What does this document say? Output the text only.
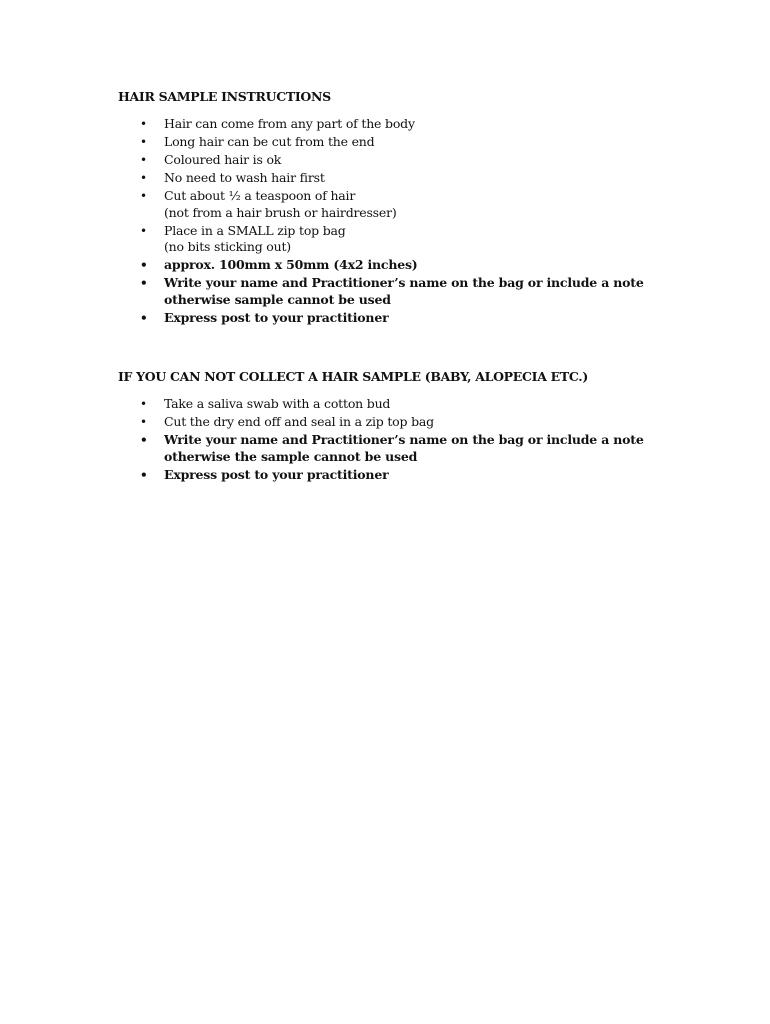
HAIR SAMPLE INSTRUCTIONS
• Hair can come from any part of the body
• Long hair can be cut from the end
• Coloured hair is ok
• No need to wash hair first
• Cut about ½ a teaspoon of hair
(not from a hair brush or hairdresser)
• Place in a SMALL zip top bag
(no bits sticking out)
• approx. 100mm x 50mm (4x2 inches)
• Write your name and Practitioner’s name on the bag or include a note
otherwise sample cannot be used
• Express post to your practitioner
IF YOU CAN NOT COLLECT A HAIR SAMPLE (BABY, ALOPECIA ETC.)
• Take a saliva swab with a cotton bud
• Cut the dry end off and seal in a zip top bag
• Write your name and Practitioner’s name on the bag or include a note
otherwise the sample cannot be used
• Express post to your practitioner
